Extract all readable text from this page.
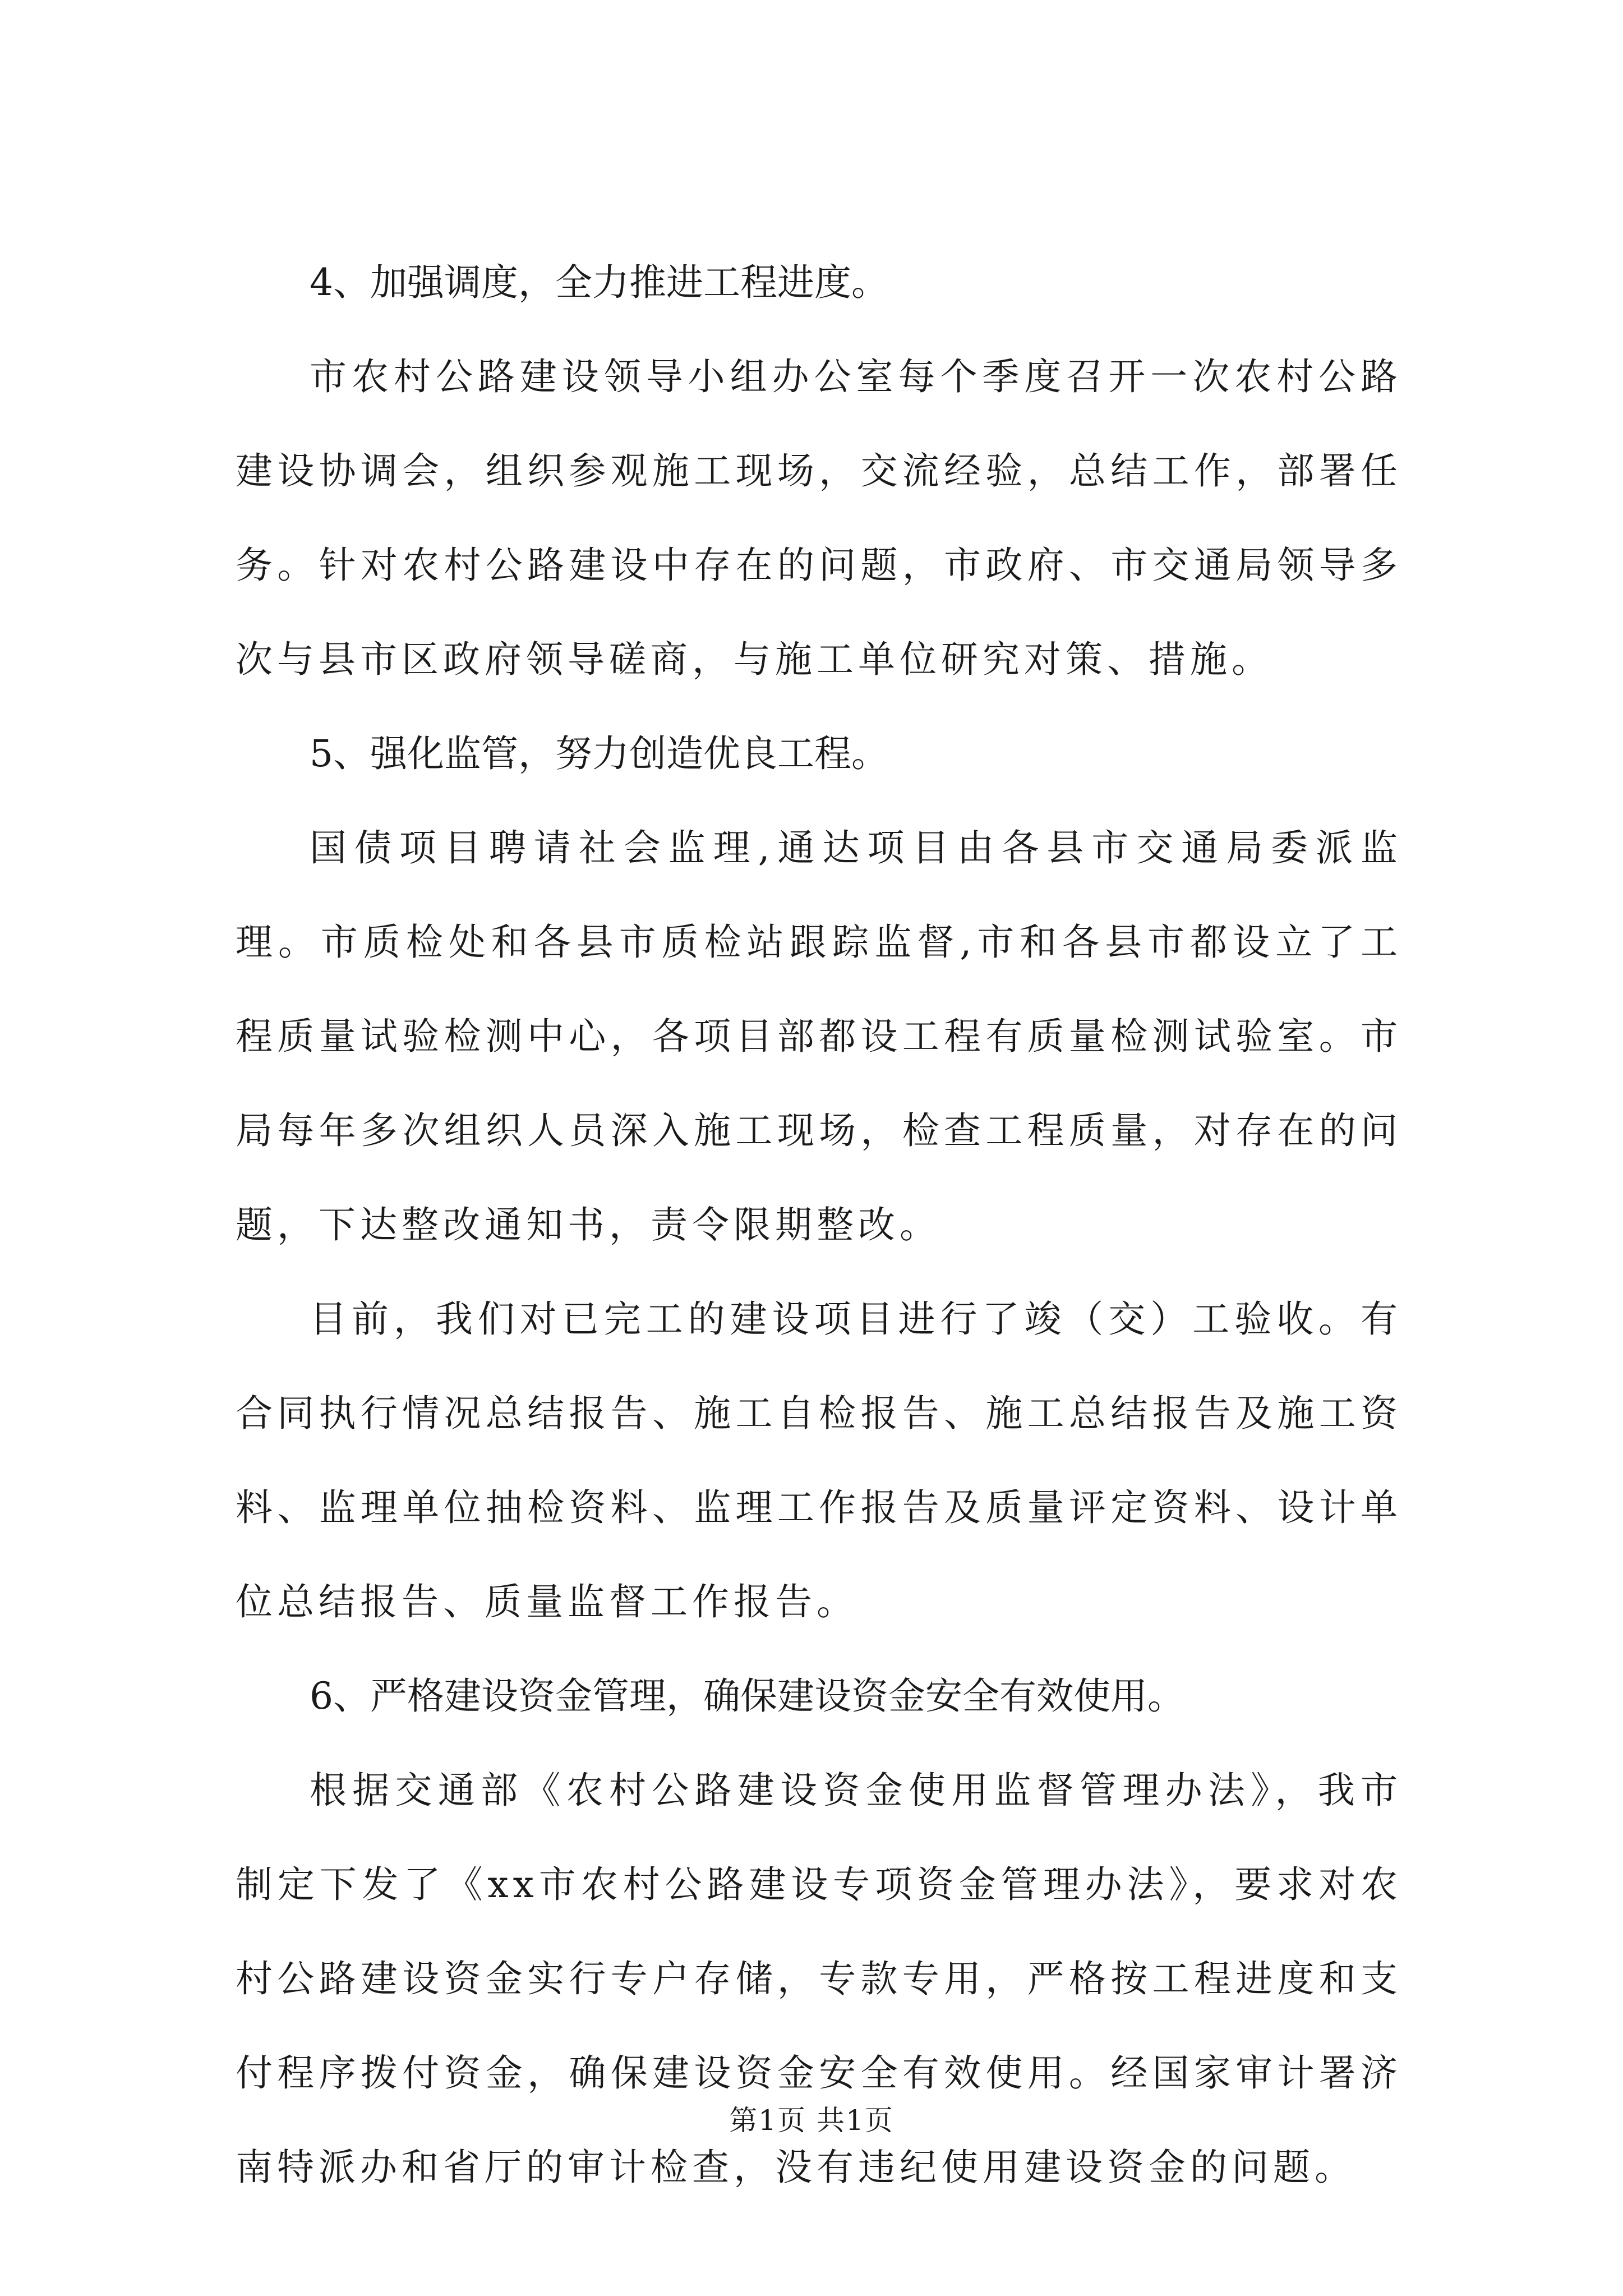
4、加强调度，全力推进工程进度。

市农村公路建设领导小组办公室每个季度召开一次农村公路建设协调会，组织参观施工现场，交流经验，总结工作，部署任务。针对农村公路建设中存在的问题，市政府、市交通局领导多次与县市区政府领导磋商，与施工单位研究对策、措施。

5、强化监管，努力创造优良工程。

国债项目聘请社会监理,通达项目由各县市交通局委派监理。市质检处和各县市质检站跟踪监督,市和各县市都设立了工程质量试验检测中心，各项目部都设工程有质量检测试验室。市局每年多次组织人员深入施工现场，检查工程质量，对存在的问题，下达整改通知书，责令限期整改。

目前，我们对已完工的建设项目进行了竣（交）工验收。有合同执行情况总结报告、施工自检报告、施工总结报告及施工资料、监理单位抽检资料、监理工作报告及质量评定资料、设计单位总结报告、质量监督工作报告。

6、严格建设资金管理，确保建设资金安全有效使用。

根据交通部《农村公路建设资金使用监督管理办法》，我市制定下发了《xx市农村公路建设专项资金管理办法》，要求对农村公路建设资金实行专户存储，专款专用，严格按工程进度和支付程序拨付资金，确保建设资金安全有效使用。经国家审计署济南特派办和省厅的审计检查，没有违纪使用建设资金的问题。

第1页 共1页
